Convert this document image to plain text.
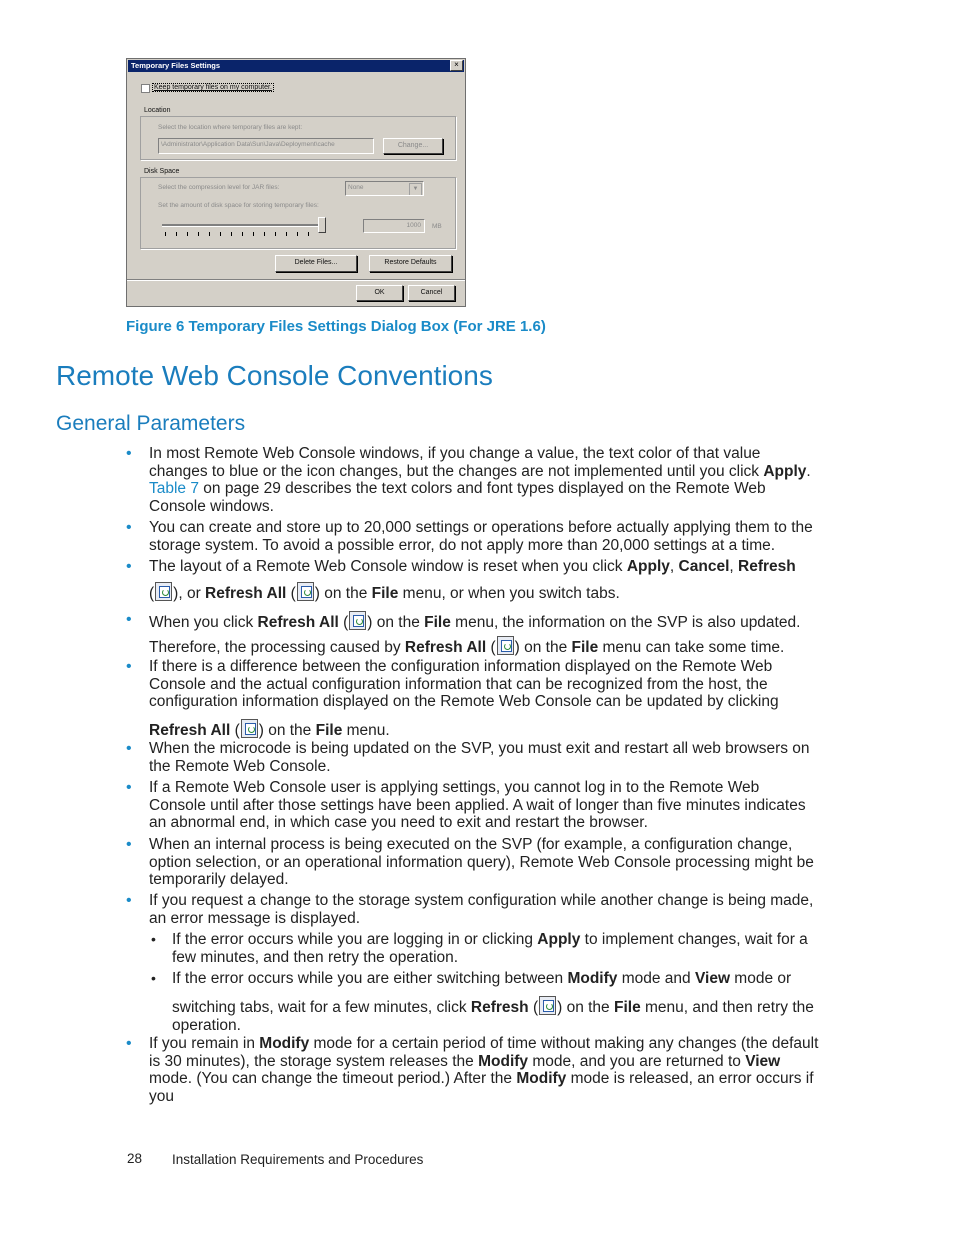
Temporary Files Settings	×
Keep temporary files on my computer.
Location
Select the location where temporary files are kept:
\Administrator\Application Data\Sun\Java\Deployment\cache	Change...
Disk Space
Select the compression level for JAR files:	None	▼
Set the amount of disk space for storing temporary files:
1000	MB
Delete Files...	Restore Defaults
OK	Cancel
Figure 6 Temporary Files Settings Dialog Box (For JRE 1.6)
Remote Web Console Conventions
General Parameters
• In most Remote Web Console windows, if you change a value, the text color of that value changes to blue or the icon changes, but the changes are not implemented until you click Apply. Table 7 on page 29 describes the text colors and font types displayed on the Remote Web Console windows.
• You can create and store up to 20,000 settings or operations before actually applying them to the storage system. To avoid a possible error, do not apply more than 20,000 settings at a time.
• The layout of a Remote Web Console window is reset when you click Apply, Cancel, Refresh
( ), or Refresh All ( ) on the File menu, or when you switch tabs.
• When you click Refresh All ( ) on the File menu, the information on the SVP is also updated.
Therefore, the processing caused by Refresh All ( ) on the File menu can take some time.
• If there is a difference between the configuration information displayed on the Remote Web Console and the actual configuration information that can be recognized from the host, the configuration information displayed on the Remote Web Console can be updated by clicking
Refresh All ( ) on the File menu.
• When the microcode is being updated on the SVP, you must exit and restart all web browsers on the Remote Web Console.
• If a Remote Web Console user is applying settings, you cannot log in to the Remote Web Console until after those settings have been applied. A wait of longer than five minutes indicates an abnormal end, in which case you need to exit and restart the browser.
• When an internal process is being executed on the SVP (for example, a configuration change, option selection, or an operational information query), Remote Web Console processing might be temporarily delayed.
• If you request a change to the storage system configuration while another change is being made, an error message is displayed.
• If the error occurs while you are logging in or clicking Apply to implement changes, wait for a few minutes, and then retry the operation.
• If the error occurs while you are either switching between Modify mode and View mode or
switching tabs, wait for a few minutes, click Refresh ( ) on the File menu, and then retry the operation.
• If you remain in Modify mode for a certain period of time without making any changes (the default is 30 minutes), the storage system releases the Modify mode, and you are returned to View mode. (You can change the timeout period.) After the Modify mode is released, an error occurs if you
28 Installation Requirements and Procedures
